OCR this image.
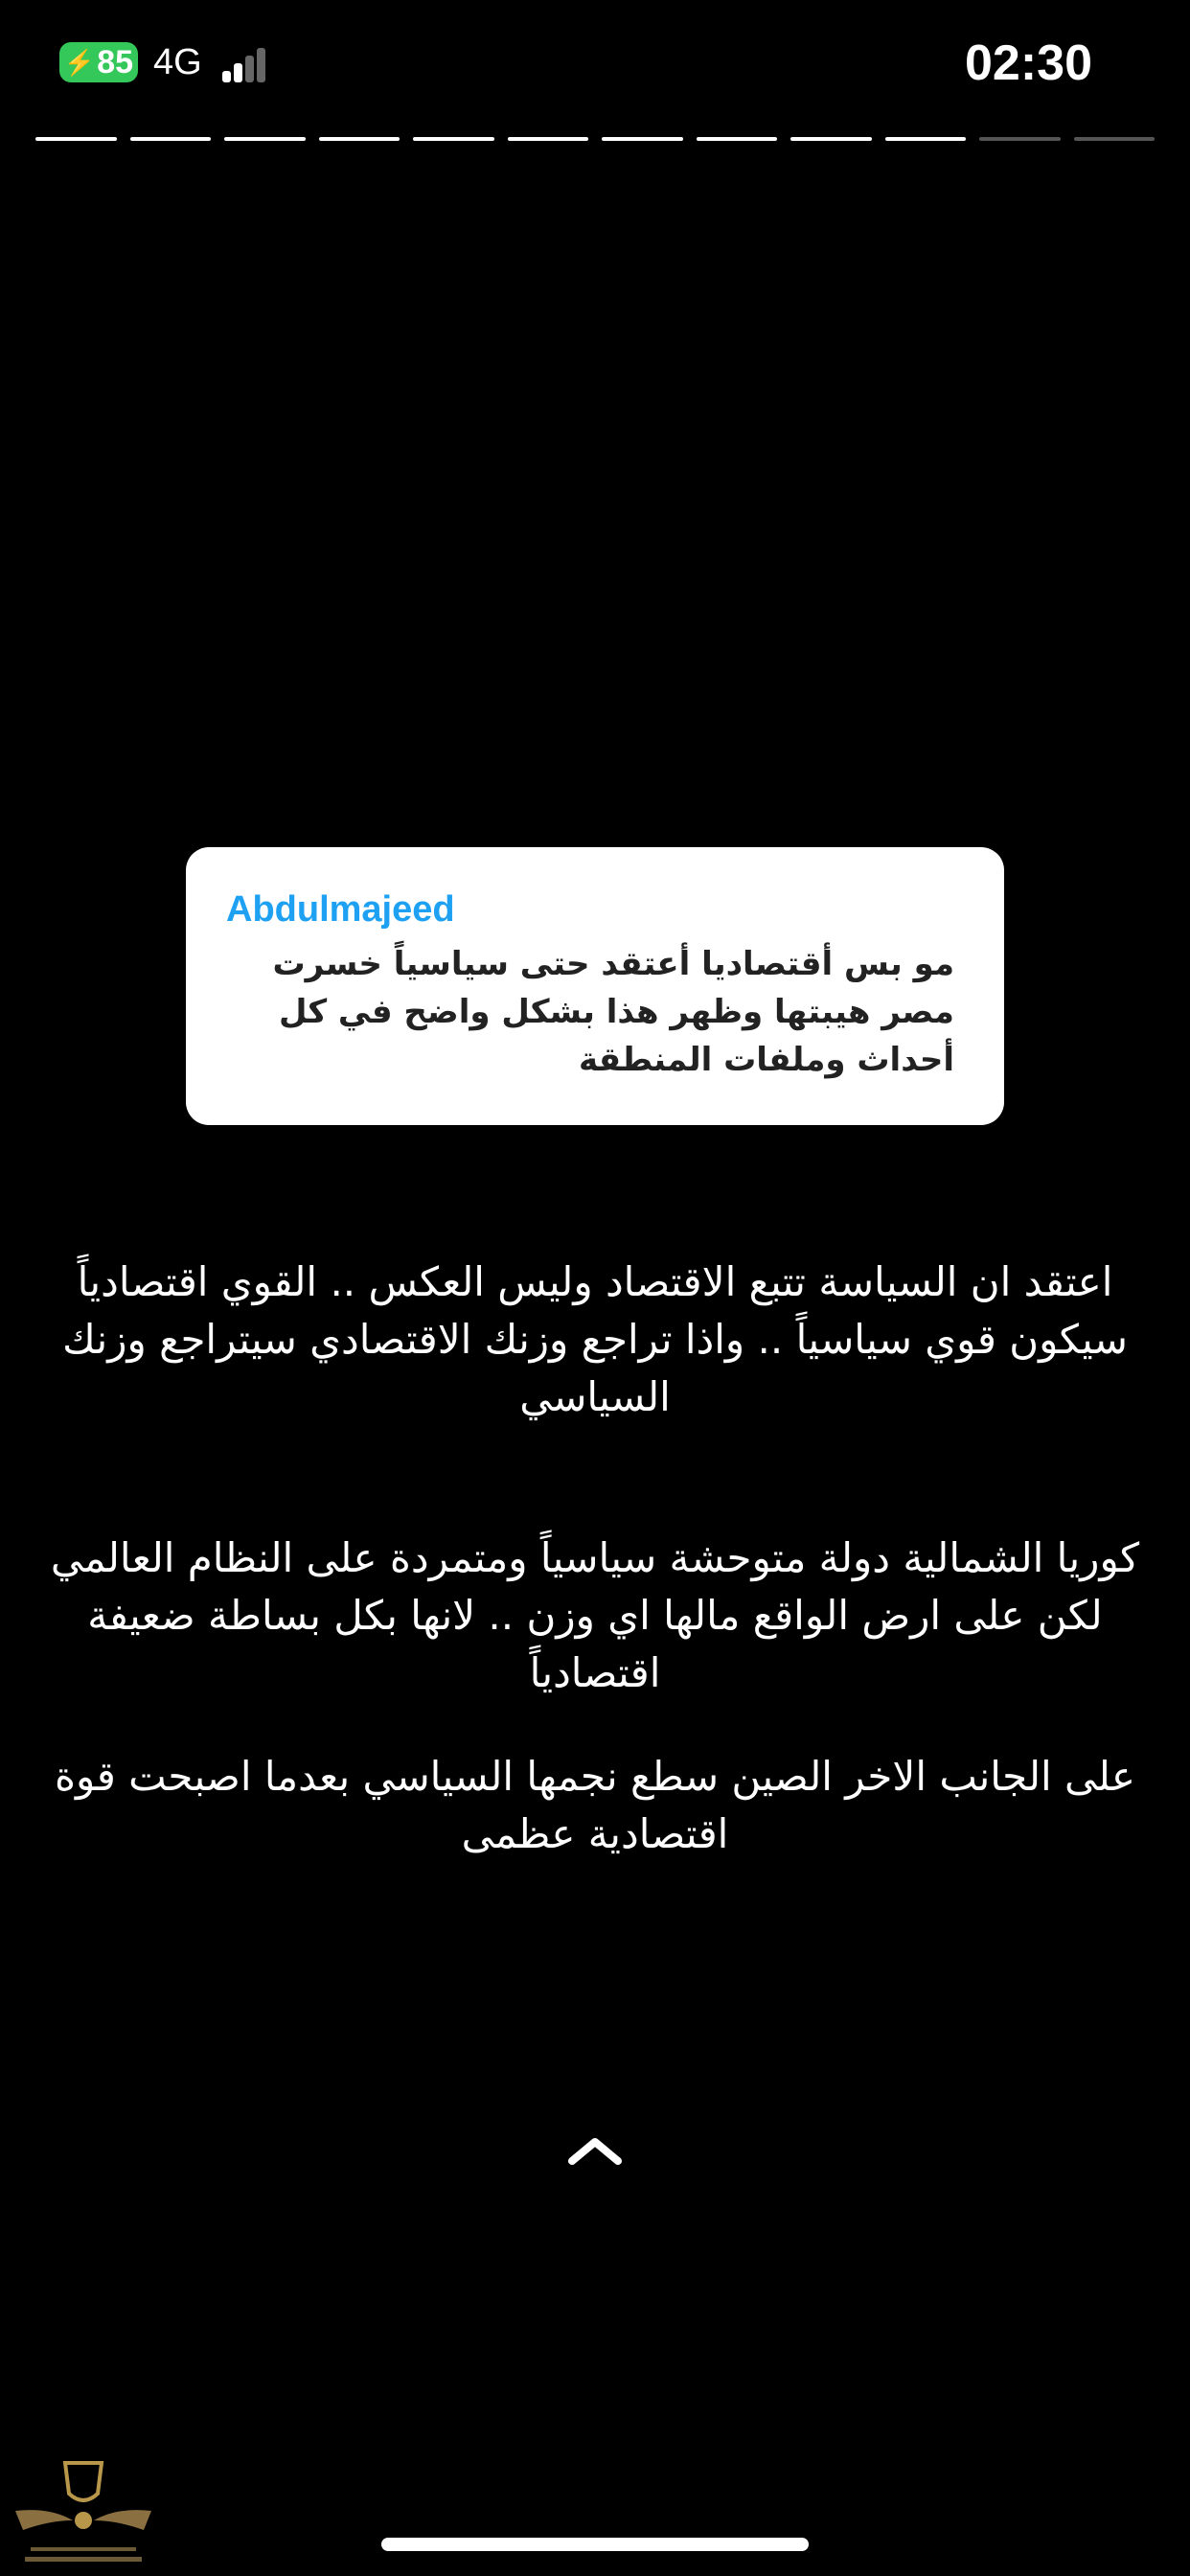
⚡ 85 4G	02:30
Abdulmajeed
مو بس أقتصاديا أعتقد حتى سياسياً خسرت مصر هيبتها وظهر هذا بشكل واضح في كل أحداث وملفات المنطقة
اعتقد ان السياسة تتبع الاقتصاد وليس العكس .. القوي اقتصادياً سيكون قوي سياسياً .. واذا تراجع وزنك الاقتصادي سيتراجع وزنك السياسي
كوريا الشمالية دولة متوحشة سياسياً ومتمردة على النظام العالمي لكن على ارض الواقع مالها اي وزن .. لانها بكل بساطة ضعيفة اقتصادياً
على الجانب الاخر الصين سطع نجمها السياسي بعدما اصبحت قوة اقتصادية عظمى
